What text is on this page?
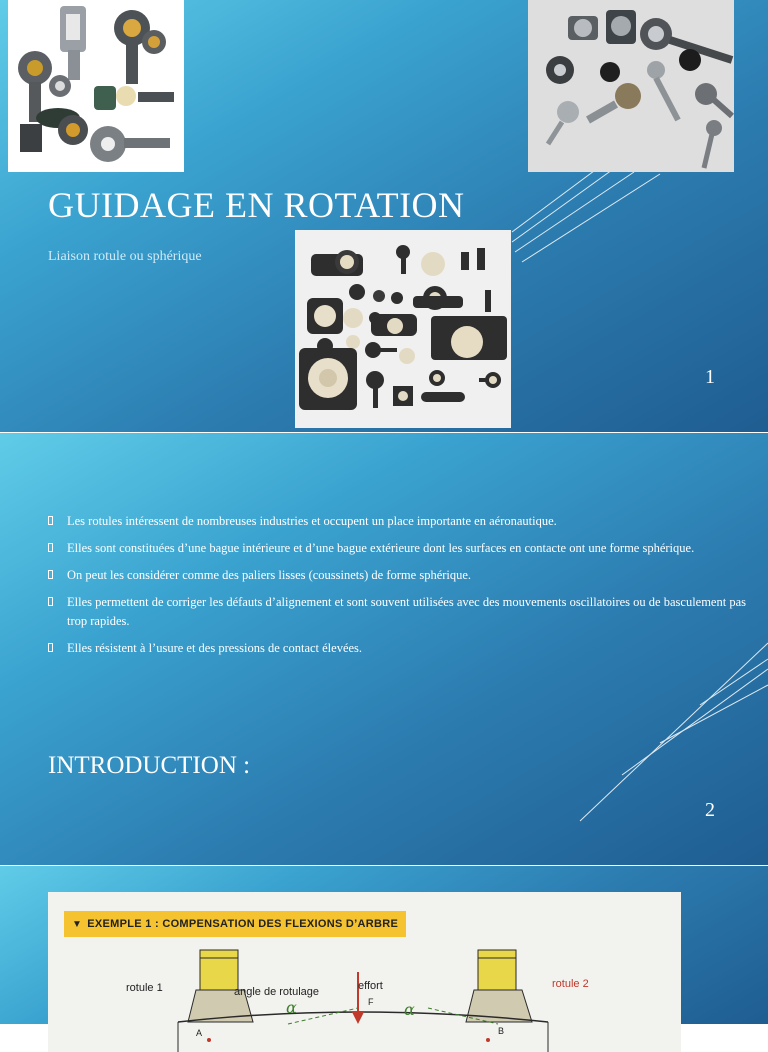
GUIDAGE EN ROTATION

Liaison rotule ou sphérique

1
Les rotules intéressent de nombreuses industries et occupent un place importante en aéronautique.
Elles sont constituées d’une bague intérieure et d’une bague extérieure dont les surfaces en contacte ont une forme sphérique.
On peut les considérer comme des paliers lisses (coussinets) de forme sphérique.
Elles permettent de corriger les défauts d’alignement et sont souvent utilisées avec des mouvements oscillatoires ou de basculement pas trop rapides.
Elles résistent à l’usure et des pressions de contact élevées.
INTRODUCTION :
2
▼ EXEMPLE 1 : COMPENSATION DES FLEXIONS D’ARBRE
rotule 1	angle de rotulage	effort
F
α	α
rotule 2
A	B
